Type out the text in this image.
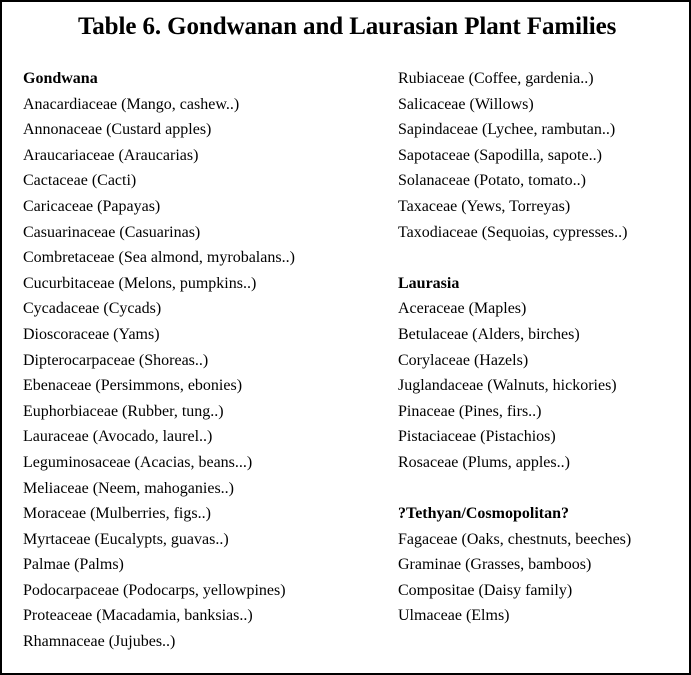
Table 6. Gondwanan and Laurasian Plant Families
Gondwana
Anacardiaceae (Mango, cashew..)
Annonaceae (Custard apples)
Araucariaceae (Araucarias)
Cactaceae (Cacti)
Caricaceae (Papayas)
Casuarinaceae (Casuarinas)
Combretaceae (Sea almond, myrobalans..)
Cucurbitaceae (Melons, pumpkins..)
Cycadaceae (Cycads)
Dioscoraceae (Yams)
Dipterocarpaceae (Shoreas..)
Ebenaceae (Persimmons, ebonies)
Euphorbiaceae (Rubber, tung..)
Lauraceae (Avocado, laurel..)
Leguminosaceae (Acacias, beans...)
Meliaceae (Neem, mahoganies..)
Moraceae (Mulberries, figs..)
Myrtaceae (Eucalypts, guavas..)
Palmae (Palms)
Podocarpaceae (Podocarps, yellowpines)
Proteaceae (Macadamia, banksias..)
Rhamnaceae (Jujubes..)
Rubiaceae (Coffee, gardenia..)
Salicaceae (Willows)
Sapindaceae (Lychee, rambutan..)
Sapotaceae (Sapodilla, sapote..)
Solanaceae (Potato, tomato..)
Taxaceae (Yews, Torreyas)
Taxodiaceae (Sequoias, cypresses..)
Laurasia
Aceraceae (Maples)
Betulaceae (Alders, birches)
Corylaceae (Hazels)
Juglandaceae (Walnuts, hickories)
Pinaceae (Pines, firs..)
Pistaciaceae (Pistachios)
Rosaceae (Plums, apples..)
?Tethyan/Cosmopolitan?
Fagaceae (Oaks, chestnuts, beeches)
Graminae (Grasses, bamboos)
Compositae (Daisy family)
Ulmaceae (Elms)
